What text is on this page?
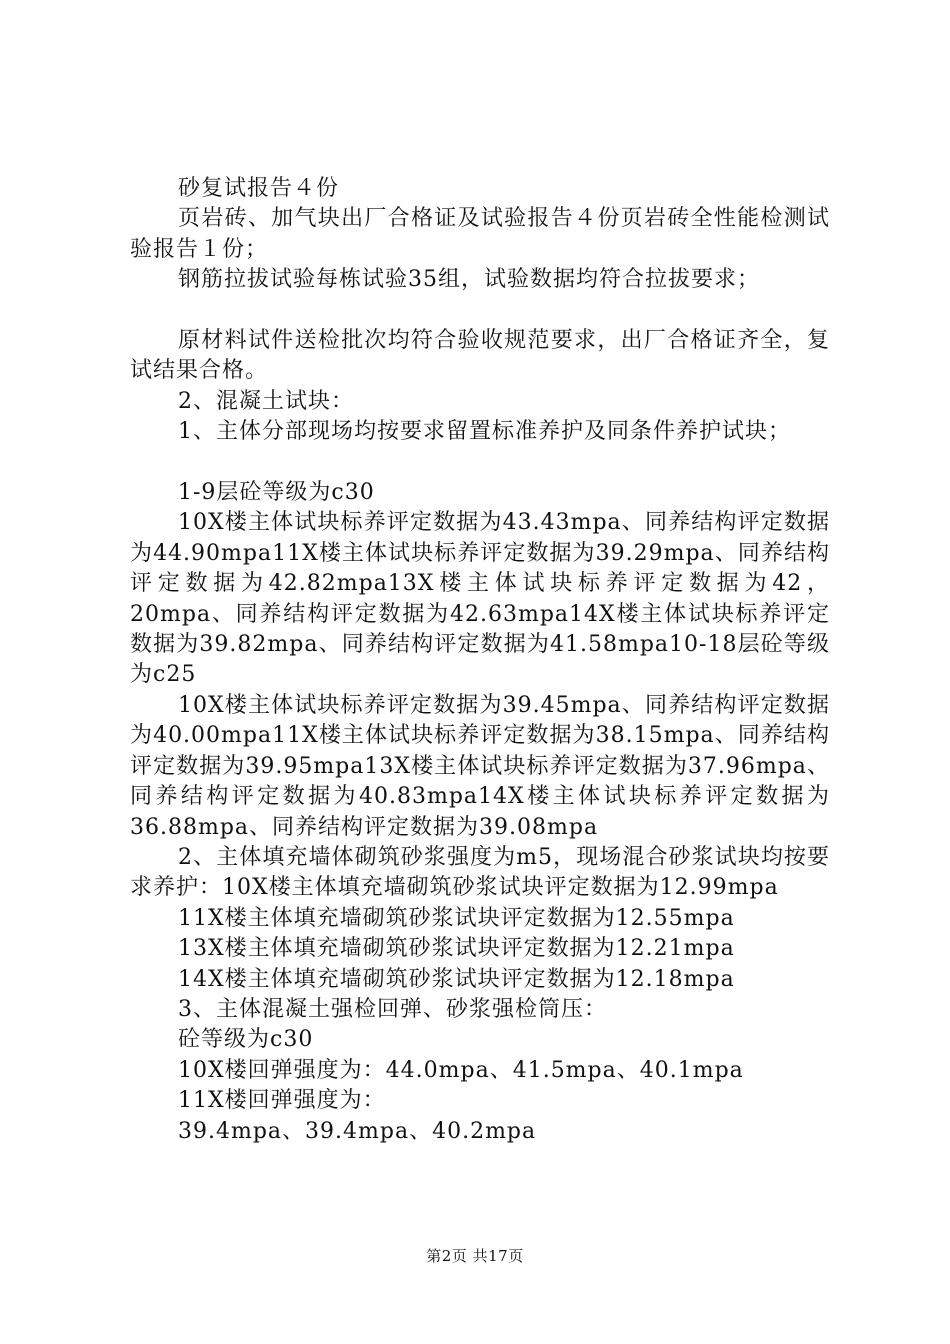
砂复试报告４份

页岩砖、加气块出厂合格证及试验报告４份页岩砖全性能检测试验报告１份；

钢筋拉拔试验每栋试验35组，试验数据均符合拉拔要求；

原材料试件送检批次均符合验收规范要求，出厂合格证齐全，复试结果合格。

2、混凝土试块：

1、主体分部现场均按要求留置标准养护及同条件养护试块；

1-9层砼等级为c30

10X楼主体试块标养评定数据为43.43mpa、同养结构评定数据为44.90mpa11X楼主体试块标养评定数据为39.29mpa、同养结构评定数据为42.82mpa13X楼主体试块标养评定数据为42，20mpa、同养结构评定数据为42.63mpa14X楼主体试块标养评定数据为39.82mpa、同养结构评定数据为41.58mpa10-18层砼等级为c25

10X楼主体试块标养评定数据为39.45mpa、同养结构评定数据为40.00mpa11X楼主体试块标养评定数据为38.15mpa、同养结构评定数据为39.95mpa13X楼主体试块标养评定数据为37.96mpa、同养结构评定数据为40.83mpa14X楼主体试块标养评定数据为36.88mpa、同养结构评定数据为39.08mpa

2、主体填充墙体砌筑砂浆强度为m5，现场混合砂浆试块均按要求养护：10X楼主体填充墙砌筑砂浆试块评定数据为12.99mpa

11X楼主体填充墙砌筑砂浆试块评定数据为12.55mpa

13X楼主体填充墙砌筑砂浆试块评定数据为12.21mpa

14X楼主体填充墙砌筑砂浆试块评定数据为12.18mpa

3、主体混凝土强检回弹、砂浆强检筒压：

砼等级为c30

10X楼回弹强度为：44.0mpa、41.5mpa、40.1mpa

11X楼回弹强度为：

39.4mpa、39.4mpa、40.2mpa

第2页 共17页
